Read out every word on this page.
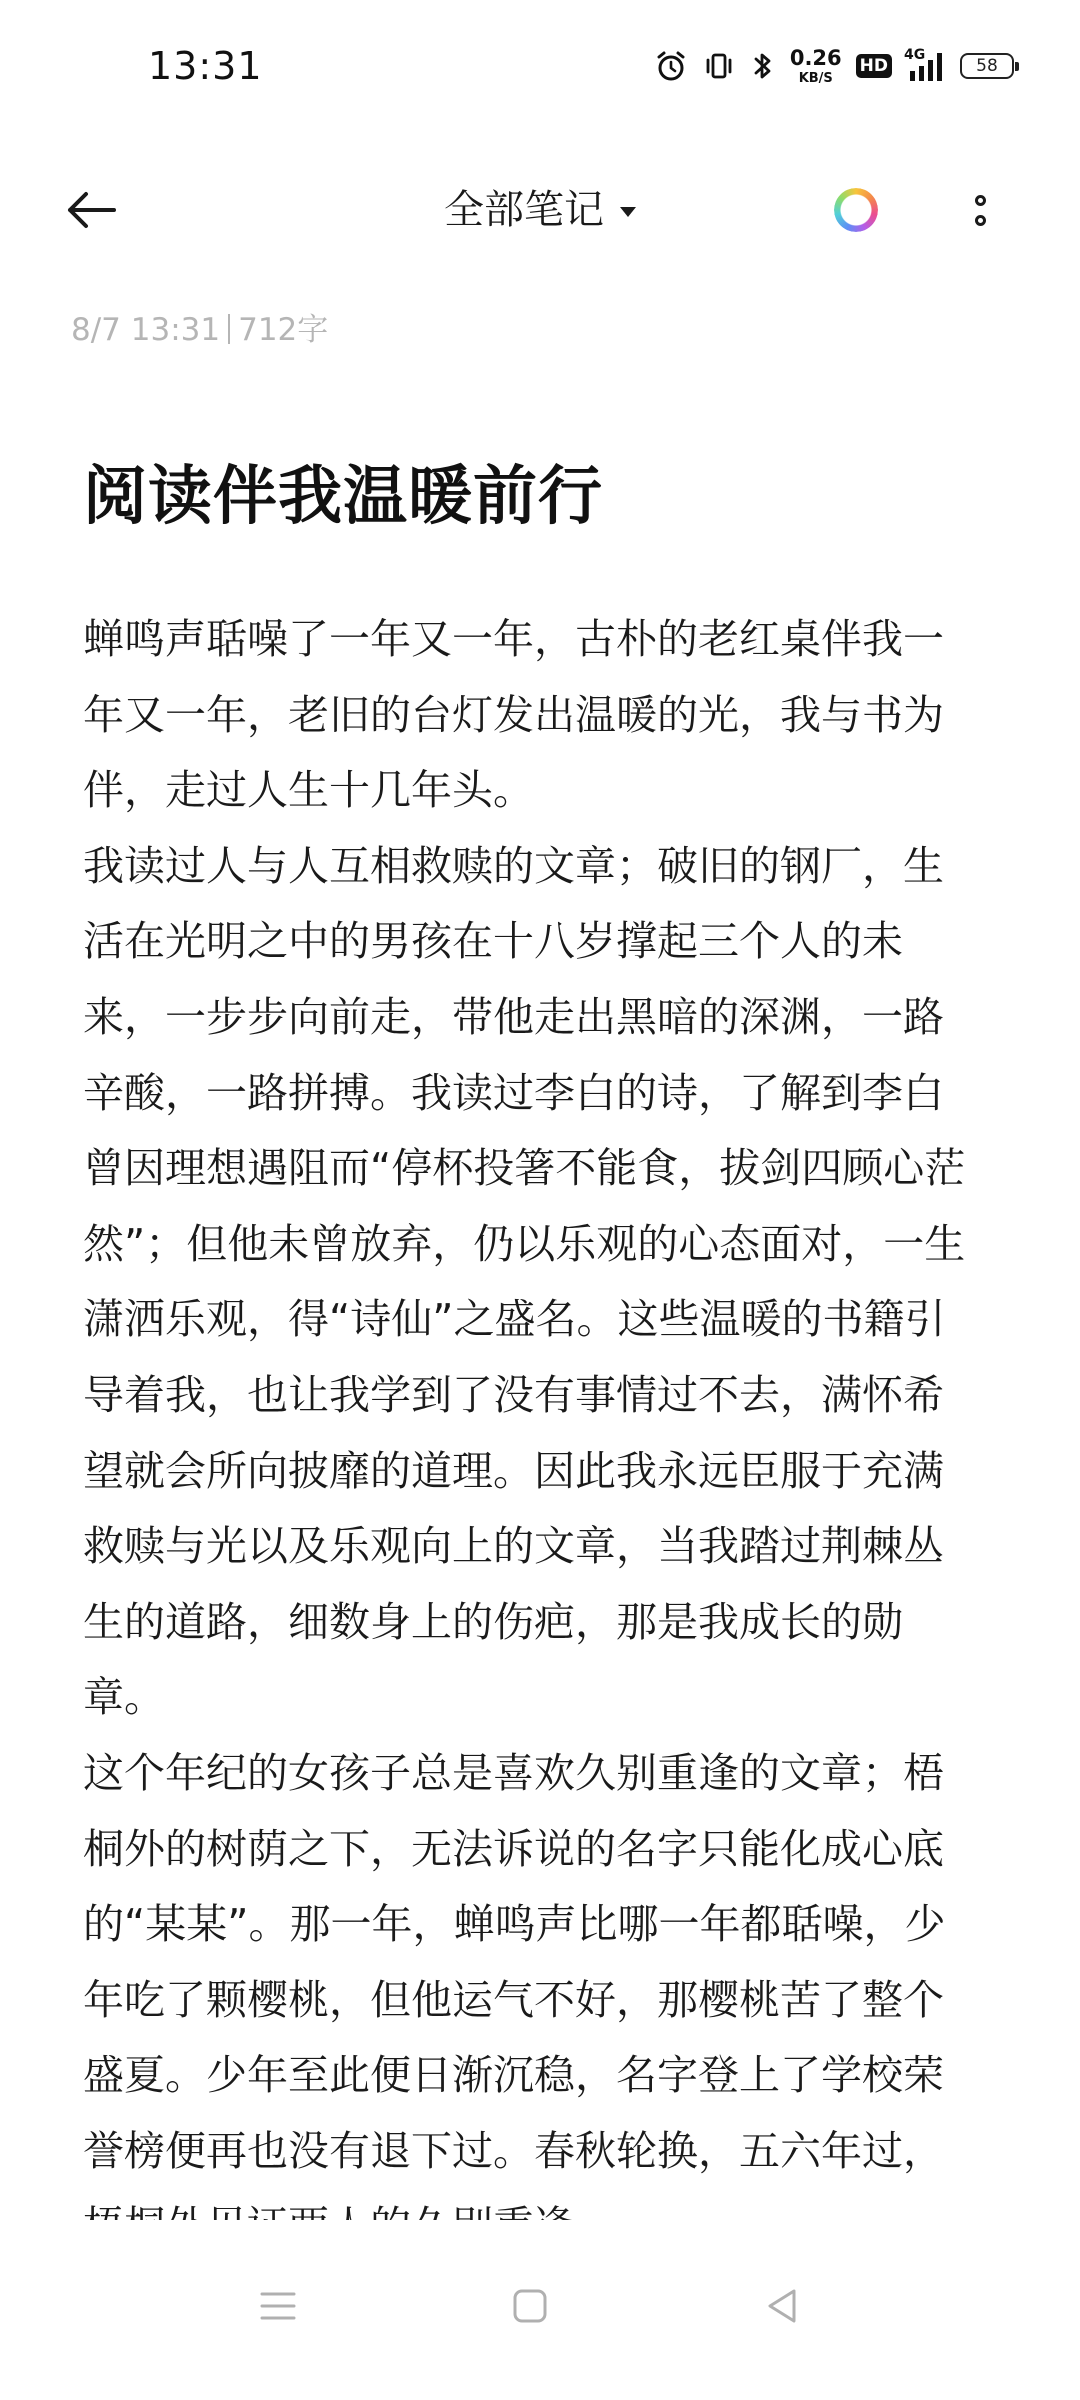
13:31	0.26
KB/S
HD
4G
58
全部笔记
8/7 13:31 712字
阅读伴我温暖前行

蝉鸣声聒噪了一年又一年，古朴的老红桌伴我一年又一年，老旧的台灯发出温暖的光，我与书为伴，走过人生十几年头。

我读过人与人互相救赎的文章；破旧的钢厂，生活在光明之中的男孩在十八岁撑起三个人的未来，一步步向前走，带他走出黑暗的深渊，一路辛酸，一路拼搏。我读过李白的诗，了解到李白曾因理想遇阻而“停杯投箸不能食，拔剑四顾心茫然”；但他未曾放弃，仍以乐观的心态面对，一生潇洒乐观，得“诗仙”之盛名。这些温暖的书籍引导着我，也让我学到了没有事情过不去，满怀希望就会所向披靡的道理。因此我永远臣服于充满救赎与光以及乐观向上的文章，当我踏过荆棘丛生的道路，细数身上的伤疤，那是我成长的勋章。

这个年纪的女孩子总是喜欢久别重逢的文章；梧桐外的树荫之下，无法诉说的名字只能化成心底的“某某”。那一年，蝉鸣声比哪一年都聒噪，少年吃了颗樱桃，但他运气不好，那樱桃苦了整个盛夏。少年至此便日渐沉稳，名字登上了学校荣誉榜便再也没有退下过。春秋轮换，五六年过，
